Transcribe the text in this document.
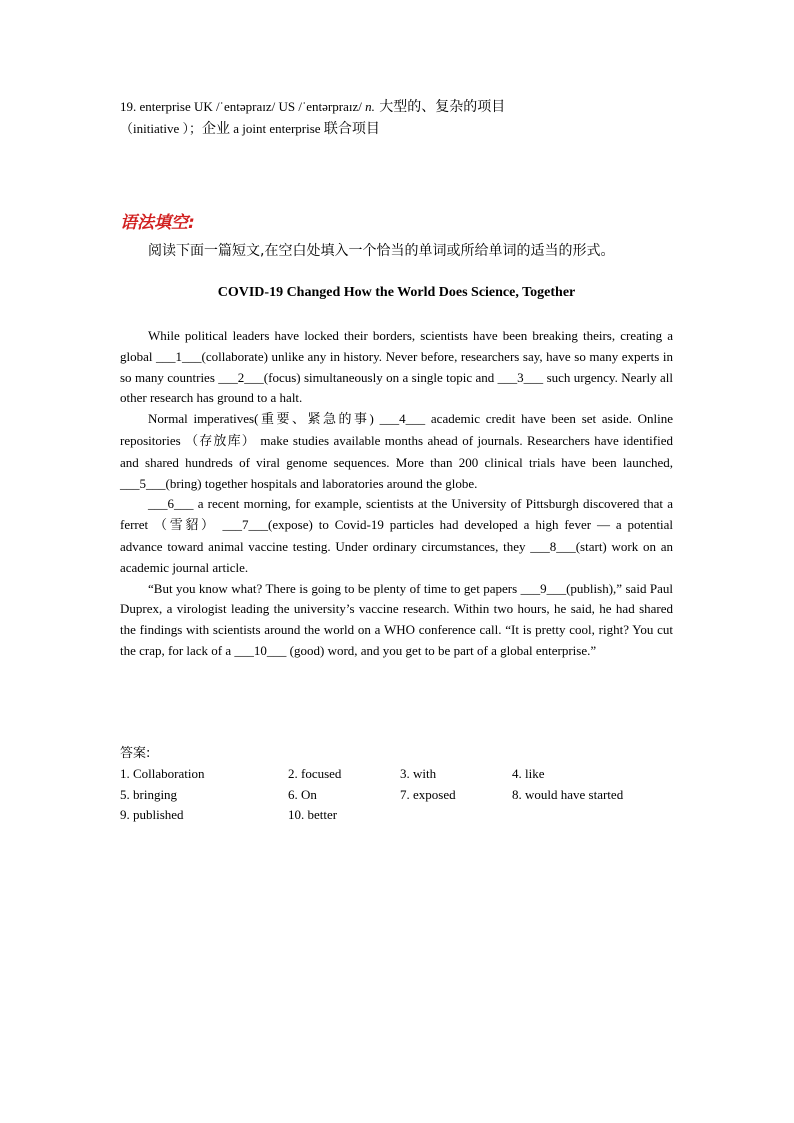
19. enterprise UK /ˈentəpraɪz/ US /ˈentərpraɪz/ n. 大型的、复杂的项目
（initiative ）；企业 a joint enterprise 联合项目
语法填空:
阅读下面一篇短文,在空白处填入一个恰当的单词或所给单词的适当的形式。
COVID-19 Changed How the World Does Science, Together

While political leaders have locked their borders, scientists have been breaking theirs, creating a global ___1___(collaborate) unlike any in history. Never before, researchers say, have so many experts in so many countries ___2___(focus) simultaneously on a single topic and ___3___ such urgency. Nearly all other research has ground to a halt.

Normal imperatives(重要、紧急的事) ___4___ academic credit have been set aside. Online repositories （存放库） make studies available months ahead of journals. Researchers have identified and shared hundreds of viral genome sequences. More than 200 clinical trials have been launched, ___5___(bring) together hospitals and laboratories around the globe.

___6___ a recent morning, for example, scientists at the University of Pittsburgh discovered that a ferret （雪貂） ___7___(expose) to Covid-19 particles had developed a high fever — a potential advance toward animal vaccine testing. Under ordinary circumstances, they ___8___(start) work on an academic journal article.

“But you know what? There is going to be plenty of time to get papers ___9___(publish),” said Paul Duprex, a virologist leading the university’s vaccine research. Within two hours, he said, he had shared the findings with scientists around the world on a WHO conference call. “It is pretty cool, right? You cut the crap, for lack of a ___10___ (good) word, and you get to be part of a global enterprise.”

答案:
1. Collaboration	2. focused	3. with	4. like
5. bringing	6. On	7. exposed	8. would have started
9. published	10. better
